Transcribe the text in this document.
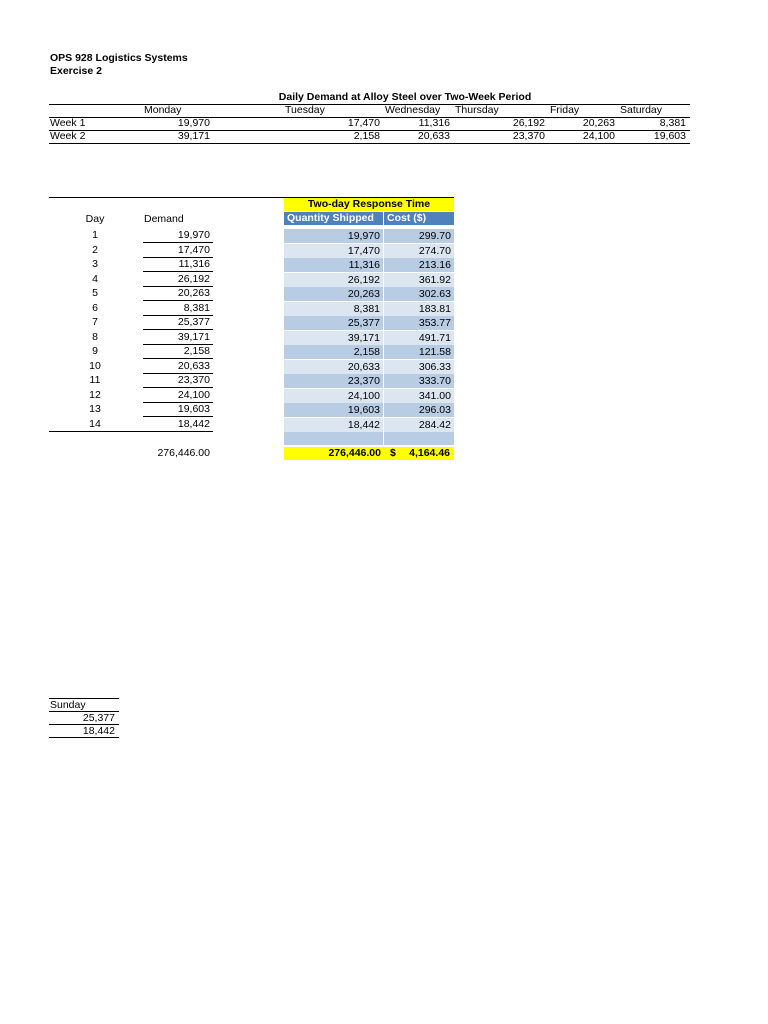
OPS 928 Logistics Systems
Exercise 2
Daily Demand at Alloy Steel over Two-Week Period
Monday	Tuesday	Wednesday Thursday	Friday	Saturday
Week 1	19,970	17,470	11,316	26,192	20,263	8,381
Week 2	39,171	2,158	20,633	23,370	24,100	19,603
Two-day Response Time
Quantity Shipped	Cost ($)
Day	Demand
1	19,970	19,970	299.70
2	17,470	17,470	274.70
3	11,316	11,316	213.16
4	26,192	26,192	361.92
5	20,263	20,263	302.63
6	8,381	8,381	183.81
7	25,377	25,377	353.77
8	39,171	39,171	491.71
9	2,158	2,158	121.58
10	20,633	20,633	306.33
11	23,370	23,370	333.70
12	24,100	24,100	341.00
13	19,603	19,603	296.03
14	18,442	18,442	284.42
276,446.00	276,446.00 $ 4,164.46
Sunday
25,377
18,442
